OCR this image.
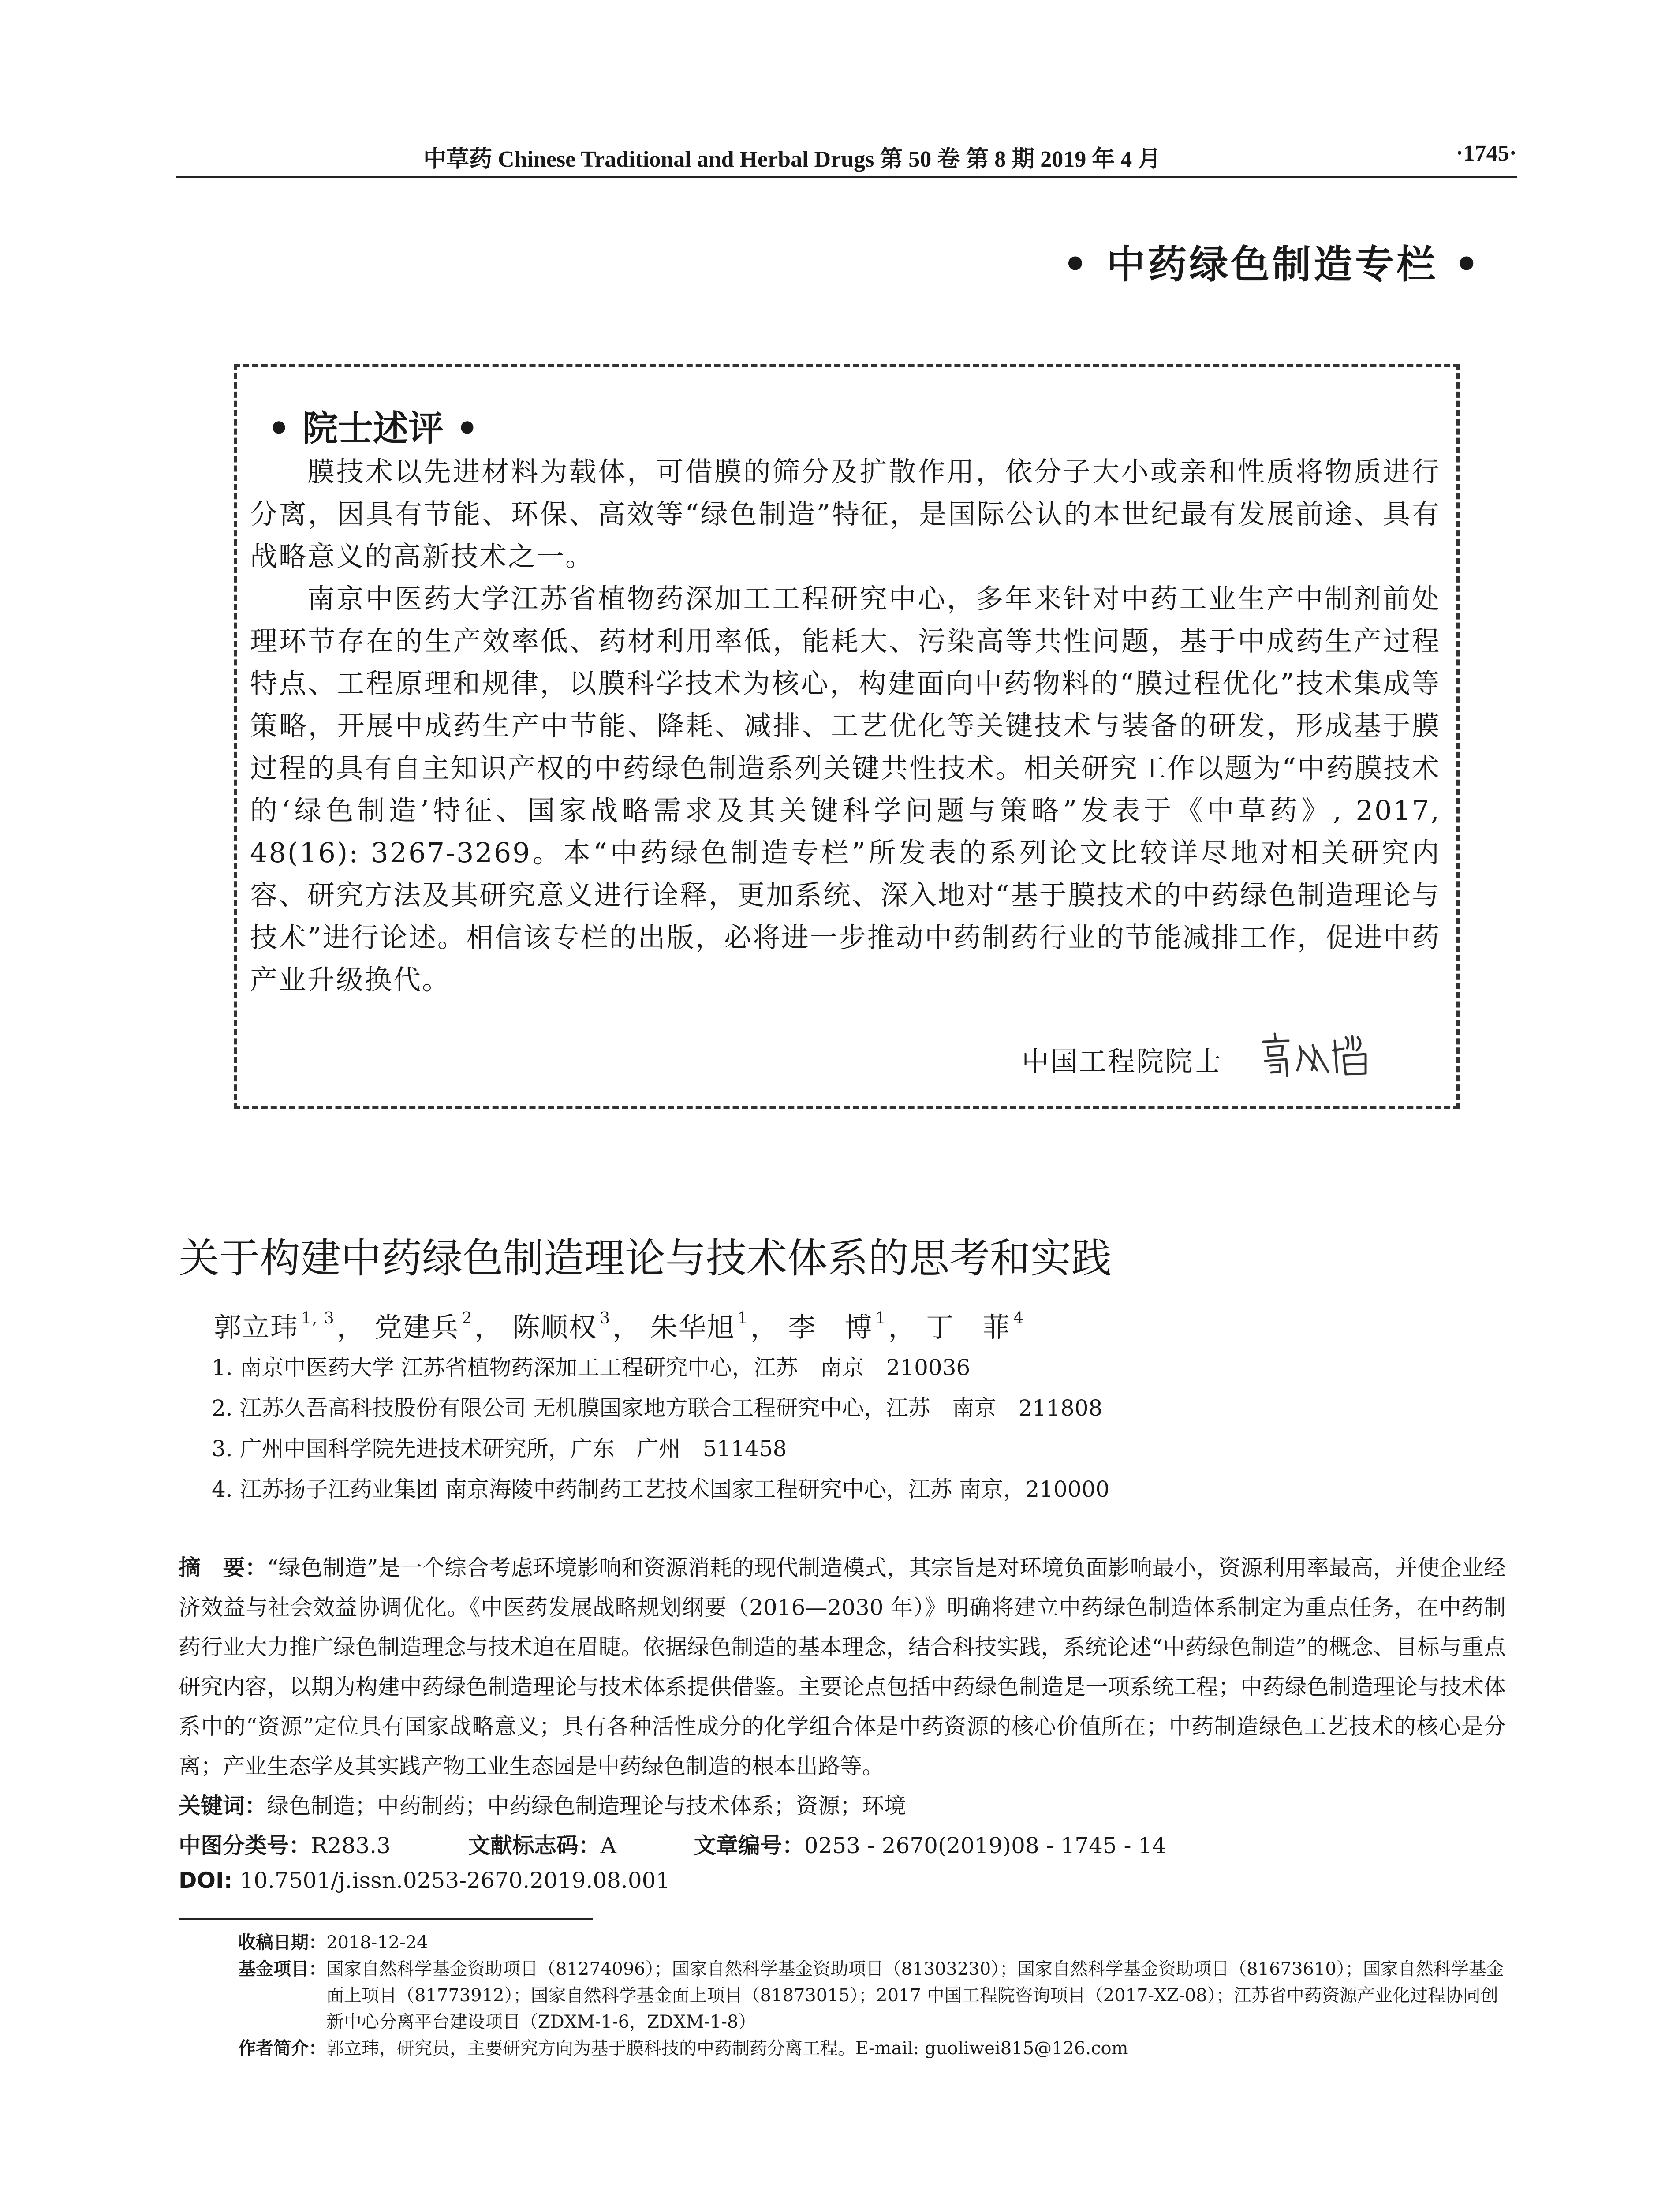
中草药 Chinese Traditional and Herbal Drugs 第 50 卷 第 8 期 2019 年 4 月	·1745·
• 中药绿色制造专栏 •
• 院士述评 •

膜技术以先进材料为载体，可借膜的筛分及扩散作用，依分子大小或亲和性质将物质进行分离，因具有节能、环保、高效等“绿色制造”特征，是国际公认的本世纪最有发展前途、具有战略意义的高新技术之一。

南京中医药大学江苏省植物药深加工工程研究中心，多年来针对中药工业生产中制剂前处理环节存在的生产效率低、药材利用率低，能耗大、污染高等共性问题，基于中成药生产过程特点、工程原理和规律，以膜科学技术为核心，构建面向中药物料的“膜过程优化”技术集成等策略，开展中成药生产中节能、降耗、减排、工艺优化等关键技术与装备的研发，形成基于膜过程的具有自主知识产权的中药绿色制造系列关键共性技术。相关研究工作以题为“中药膜技术的‘绿色制造’特征、国家战略需求及其关键科学问题与策略”发表于《中草药》, 2017, 48(16): 3267-3269。本“中药绿色制造专栏”所发表的系列论文比较详尽地对相关研究内容、研究方法及其研究意义进行诠释，更加系统、深入地对“基于膜技术的中药绿色制造理论与技术”进行论述。相信该专栏的出版，必将进一步推动中药制药行业的节能减排工作，促进中药产业升级换代。

中国工程院院士
关于构建中药绿色制造理论与技术体系的思考和实践
郭立玮 $^{1, 3}$， 党建兵 $^2$， 陈顺权 $^3$， 朱华旭 $^1$， 李　博 $^1$， 丁　菲 $^4$
1. 南京中医药大学 江苏省植物药深加工工程研究中心，江苏　南京　210036
2. 江苏久吾高科技股份有限公司 无机膜国家地方联合工程研究中心，江苏　南京　211808
3. 广州中国科学院先进技术研究所，广东　广州　511458
4. 江苏扬子江药业集团 南京海陵中药制药工艺技术国家工程研究中心，江苏 南京，210000
摘　要：“绿色制造”是一个综合考虑环境影响和资源消耗的现代制造模式，其宗旨是对环境负面影响最小，资源利用率最高，并使企业经济效益与社会效益协调优化。《中医药发展战略规划纲要（2016—2030 年）》明确将建立中药绿色制造体系制定为重点任务，在中药制药行业大力推广绿色制造理念与技术迫在眉睫。依据绿色制造的基本理念，结合科技实践，系统论述“中药绿色制造”的概念、目标与重点研究内容，以期为构建中药绿色制造理论与技术体系提供借鉴。主要论点包括中药绿色制造是一项系统工程；中药绿色制造理论与技术体系中的“资源”定位具有国家战略意义；具有各种活性成分的化学组合体是中药资源的核心价值所在；中药制造绿色工艺技术的核心是分离；产业生态学及其实践产物工业生态园是中药绿色制造的根本出路等。
关键词：绿色制造；中药制药；中药绿色制造理论与技术体系；资源；环境
中图分类号：R283.3	文献标志码：A	文章编号：0253 - 2670(2019)08 - 1745 - 14
DOI: 10.7501/j.issn.0253-2670.2019.08.001
收稿日期： 2018-12-24
基金项目： 国家自然科学基金资助项目（81274096）；国家自然科学基金资助项目（81303230）；国家自然科学基金资助项目（81673610）；国家自然科学基金面上项目（81773912）；国家自然科学基金面上项目（81873015）；2017 中国工程院咨询项目（2017-XZ-08）；江苏省中药资源产业化过程协同创新中心分离平台建设项目（ZDXM-1-6，ZDXM-1-8）
作者简介： 郭立玮，研究员，主要研究方向为基于膜科技的中药制药分离工程。E-mail: guoliwei815@126.com
